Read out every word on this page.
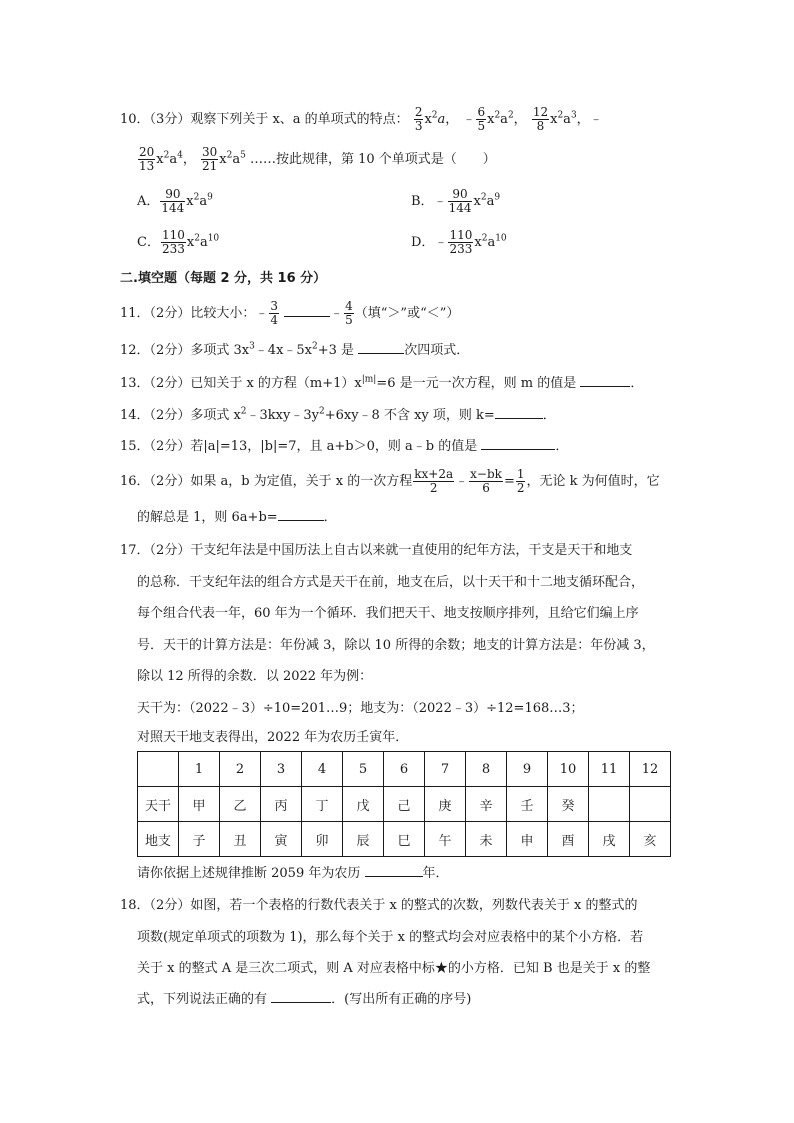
10．（3分）观察下列关于 x、a 的单项式的特点： $\frac{2}{3} x^2a$， ﹣ $\frac{6}{5} x^2a^2$， $\frac{12}{8} x^2a^3$，﹣
$\frac{20}{13} x^2a^4$， $\frac{30}{21} x^2a^5$ ……按此规律，第 10 个单项式是（　　）
A． $\frac{90}{144} x^2a^9$	B．﹣ $\frac{90}{144} x^2a^9$
C． $\frac{110}{233} x^2a^{10}$	D．﹣ $\frac{110}{233} x^2a^{10}$
二.填空题（每题 2 分，共 16 分）
11．（2分）比较大小：﹣ $\frac{3}{4}$	﹣ $\frac{4}{5}$ （填“＞”或“＜”）
12．（2分）多项式 $3x^3﹣4x﹣5x^2+3$ 是	次四项式．
13．（2分）已知关于 x 的方程$(m+1)x^{|m|}=6$ 是一元一次方程，则 m 的值是	．
14．（2分）多项式 $x^2﹣3kxy﹣3y^2+6xy﹣8$ 不含 xy 项，则 k=	．
15．（2分）若|a|=13，|b|=7，且 a+b＞0，则 a﹣b 的值是	．
16．（2分）如果 a，b 为定值，关于 x 的一次方程 $\frac{kx+2a}{2}$ ﹣ $\frac{x-bk}{6} = \frac{1}{2}$ ，无论 k 为何值时，它
的解总是 1，则 6a+b=	．
17．（2分）干支纪年法是中国历法上自古以来就一直使用的纪年方法，干支是天干和地支
的总称．干支纪年法的组合方式是天干在前，地支在后，以十天干和十二地支循环配合，
每个组合代表一年，60 年为一个循环．我们把天干、地支按顺序排列，且给它们编上序
号．天干的计算方法是：年份减 3，除以 10 所得的余数；地支的计算方法是：年份减 3，
除以 12 所得的余数．以 2022 年为例：
天干为：（2022﹣3）÷10=201…9；地支为：（2022﹣3）÷12=168…3；
对照天干地支表得出，2022 年为农历壬寅年．
	1	2	3	4	5	6	7	8	9	10	11	12
天干	甲	乙	丙	丁	戊	己	庚	辛	壬	癸		
地支	子	丑	寅	卯	辰	巳	午	未	申	酉	戌	亥
请你依据上述规律推断 2059 年为农历	年．
18．（2分）如图，若一个表格的行数代表关于 x 的整式的次数，列数代表关于 x 的整式的
项数(规定单项式的项数为 1)，那么每个关于 x 的整式均会对应表格中的某个小方格．若
关于 x 的整式 A 是三次二项式，则 A 对应表格中标★的小方格．已知 B 也是关于 x 的整
式，下列说法正确的有	．(写出所有正确的序号)
